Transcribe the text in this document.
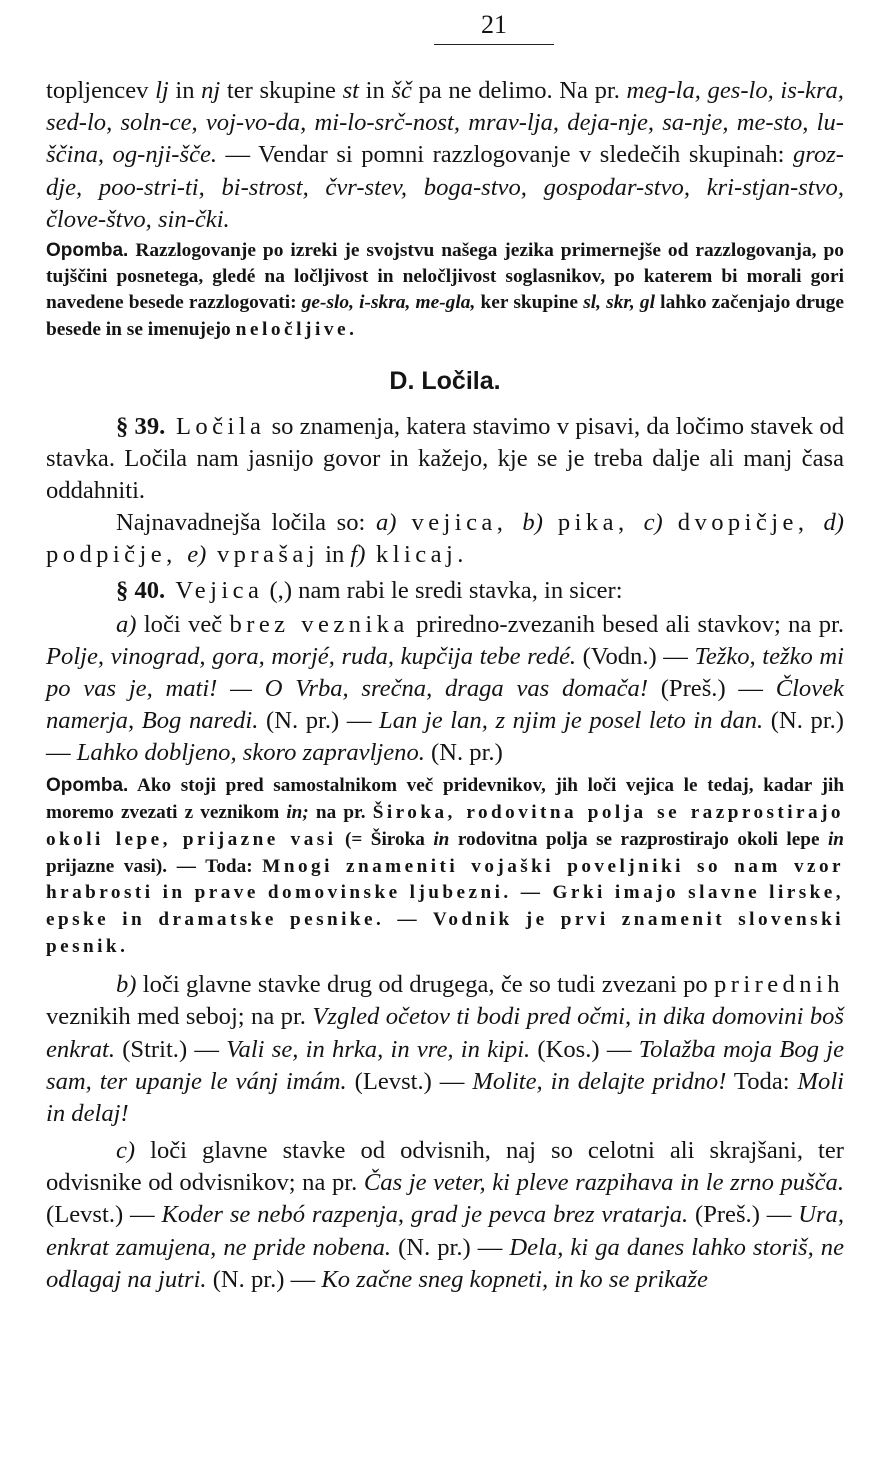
21

topljencev lj in nj ter skupine st in šč pa ne delimo. Na pr. meg-la, ges-lo, is-kra, sed-lo, soln-ce, voj-vo-da, mi-lo-srč-nost, mrav-lja, deja-nje, sa-nje, me-sto, lu-ščina, og-nji-šče. — Vendar si pomni razzlogovanje v sledečih skupinah: groz-dje, poo-stri-ti, bi-strost, čvr-stev, boga-stvo, gospodar-stvo, kri-stjan-stvo, člove-štvo, sin-čki.

Opomba. Razzlogovanje po izreki je svojstvu našega jezika primernejše od razzlogovanja, po tujščini posnetega, gledé na ločljivost in neločljivost soglasnikov, po katerem bi morali gori navedene besede razzlogovati: ge-slo, i-skra, me-gla, ker skupine sl, skr, gl lahko začenjajo druge besede in se imenujejo neločljive.

D. Ločila.

§ 39. Ločila so znamenja, katera stavimo v pisavi, da ločimo stavek od stavka. Ločila nam jasnijo govor in kažejo, kje se je treba dalje ali manj časa oddahniti.

Najnavadnejša ločila so: a) vejica, b) pika, c) dvopičje, d) podpičje, e) vprašaj in f) klicaj.

§ 40. Vejica (,) nam rabi le sredi stavka, in sicer:

a) loči več brez veznika priredno-zvezanih besed ali stavkov; na pr. Polje, vinograd, gora, morjé, ruda, kupčija tebe redé. (Vodn.) — Težko, težko mi po vas je, mati! — O Vrba, srečna, draga vas domača! (Preš.) — Človek namerja, Bog naredi. (N. pr.) — Lan je lan, z njim je posel leto in dan. (N. pr.) — Lahko dobljeno, skoro zapravljeno. (N. pr.)

Opomba. Ako stoji pred samostalnikom več pridevnikov, jih loči vejica le tedaj, kadar jih moremo zvezati z veznikom in; na pr. Široka, rodovitna polja se razprostirajo okoli lepe, prijazne vasi (= Široka in rodovitna polja se razprostirajo okoli lepe in prijazne vasi). — Toda: Mnogi znameniti vojaški poveljniki so nam vzor hrabrosti in prave domovinske ljubezni. — Grki imajo slavne lirske, epske in dramatske pesnike. — Vodnik je prvi znamenit slovenski pesnik.

b) loči glavne stavke drug od drugega, če so tudi zvezani po prirednih veznikih med seboj; na pr. Vzgled očetov ti bodi pred očmi, in dika domovini boš enkrat. (Strit.) — Vali se, in hrka, in vre, in kipi. (Kos.) — Tolažba moja Bog je sam, ter upanje le vánj imám. (Levst.) — Molite, in delajte pridno! Toda: Moli in delaj!

c) loči glavne stavke od odvisnih, naj so celotni ali skrajšani, ter odvisnike od odvisnikov; na pr. Čas je veter, ki pleve razpihava in le zrno pušča. (Levst.) — Koder se nebó razpenja, grad je pevca brez vratarja. (Preš.) — Ura, enkrat zamujena, ne pride nobena. (N. pr.) — Dela, ki ga danes lahko storiš, ne odlagaj na jutri. (N. pr.) — Ko začne sneg kopneti, in ko se prikaže
